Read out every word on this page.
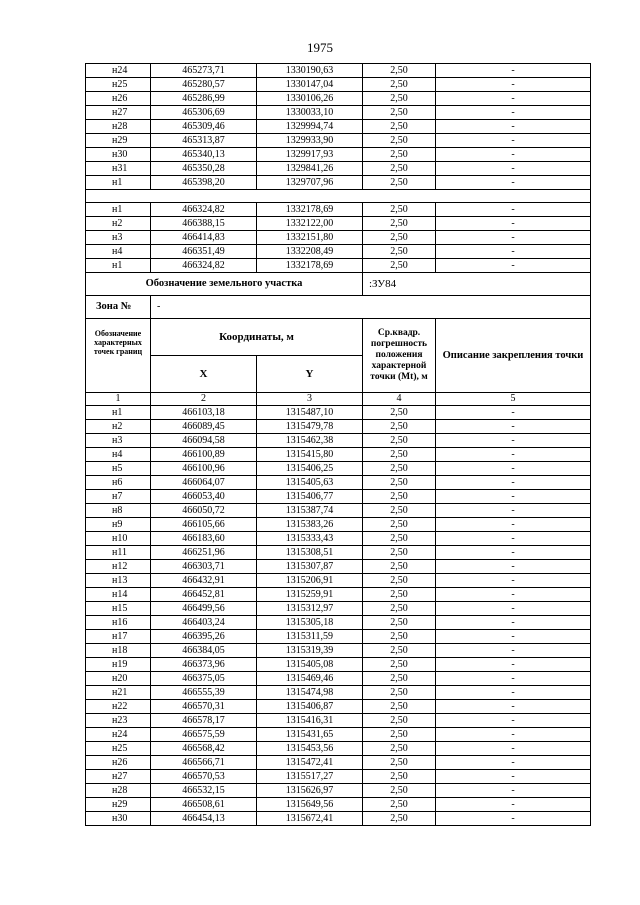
1975
н24	465273,71	1330190,63	2,50	-
н25	465280,57	1330147,04	2,50	-
н26	465286,99	1330106,26	2,50	-
н27	465306,69	1330033,10	2,50	-
н28	465309,46	1329994,74	2,50	-
н29	465313,87	1329933,90	2,50	-
н30	465340,13	1329917,93	2,50	-
н31	465350,28	1329841,26	2,50	-
н1	465398,20	1329707,96	2,50	-

н1	466324,82	1332178,69	2,50	-
н2	466388,15	1332122,00	2,50	-
н3	466414,83	1332151,80	2,50	-
н4	466351,49	1332208,49	2,50	-
н1	466324,82	1332178,69	2,50	-
Обозначение земельного участка			:ЗУ84	
Зона №	-			
Обозначение характерных точек границ	Координаты, м		Ср.квадр. погрешность положения характерной точки (Mt), м	Описание закрепления точки
	X	Y		
1	2	3	4	5
н1	466103,18	1315487,10	2,50	-
н2	466089,45	1315479,78	2,50	-
н3	466094,58	1315462,38	2,50	-
н4	466100,89	1315415,80	2,50	-
н5	466100,96	1315406,25	2,50	-
н6	466064,07	1315405,63	2,50	-
н7	466053,40	1315406,77	2,50	-
н8	466050,72	1315387,74	2,50	-
н9	466105,66	1315383,26	2,50	-
н10	466183,60	1315333,43	2,50	-
н11	466251,96	1315308,51	2,50	-
н12	466303,71	1315307,87	2,50	-
н13	466432,91	1315206,91	2,50	-
н14	466452,81	1315259,91	2,50	-
н15	466499,56	1315312,97	2,50	-
н16	466403,24	1315305,18	2,50	-
н17	466395,26	1315311,59	2,50	-
н18	466384,05	1315319,39	2,50	-
н19	466373,96	1315405,08	2,50	-
н20	466375,05	1315469,46	2,50	-
н21	466555,39	1315474,98	2,50	-
н22	466570,31	1315406,87	2,50	-
н23	466578,17	1315416,31	2,50	-
н24	466575,59	1315431,65	2,50	-
н25	466568,42	1315453,56	2,50	-
н26	466566,71	1315472,41	2,50	-
н27	466570,53	1315517,27	2,50	-
н28	466532,15	1315626,97	2,50	-
н29	466508,61	1315649,56	2,50	-
н30	466454,13	1315672,41	2,50	-
